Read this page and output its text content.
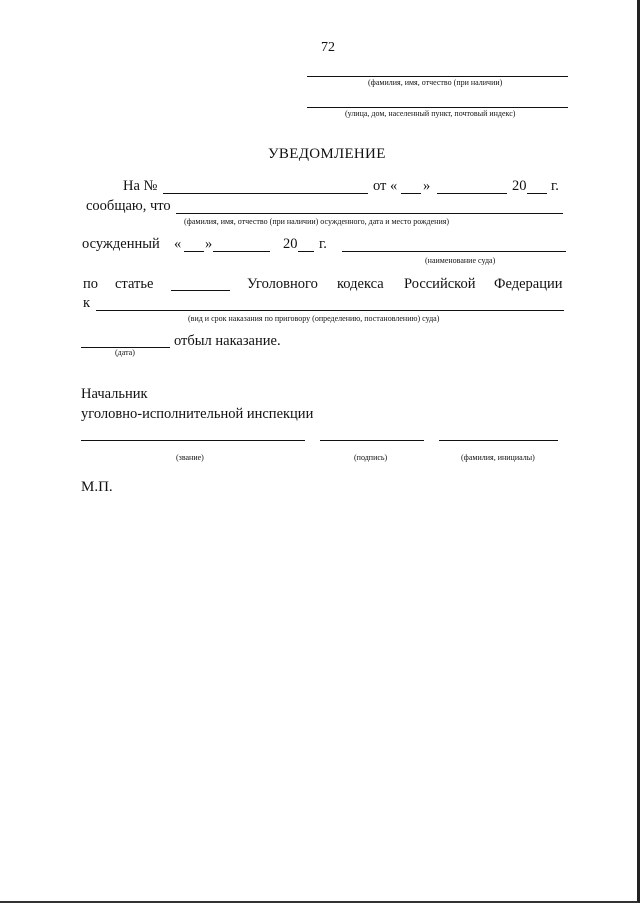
72
(фамилия, имя, отчество (при наличии)
(улица, дом, населенный пункт, почтовый индекс)
УВЕДОМЛЕНИЕ
На №	от « »	20 г.
сообщаю, что
(фамилия, имя, отчество (при наличии) осужденного, дата и место рождения)
осужденный « »	20 г.
(наименование суда)
по статье	Уголовного кодекса Российской Федерации
к
(вид и срок наказания по приговору (определению, постановлению) суда)
отбыл наказание.
(дата)
Начальник
уголовно-исполнительной инспекции
(звание)	(подпись)	(фамилия, инициалы)
М.П.
